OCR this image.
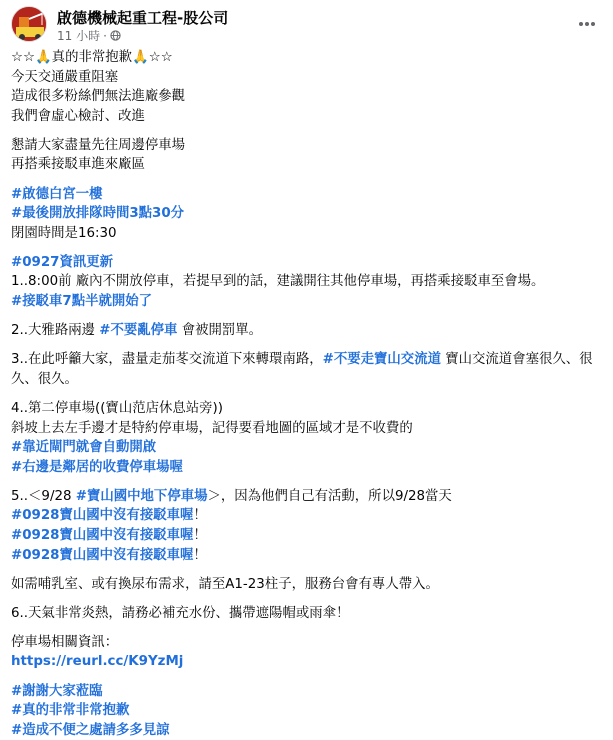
啟德機械起重工程-股公司
11 小時 ·
☆☆🙏真的非常抱歉🙏☆☆
今天交通嚴重阻塞
造成很多粉絲們無法進廠參觀
我們會虛心檢討、改進
懇請大家盡量先往周邊停車場
再搭乘接駁車進來廠區
#啟德白宮一樓
#最後開放排隊時間3點30分
閉園時間是16:30
#0927資訊更新
1..8:00前 廠內不開放停車，若提早到的話，建議開往其他停車場，再搭乘接駁車至會場。
#接駁車7點半就開始了
2..大雅路兩邊 #不要亂停車 會被開罰單。
3..在此呼籲大家，盡量走茄苳交流道下來轉環南路，#不要走寶山交流道 寶山交流道會塞很久、很久、很久。
4..第二停車場((寶山范店休息站旁))
斜坡上去左手邊才是特約停車場，記得要看地圖的區域才是不收費的
#靠近閘門就會自動開啟
#右邊是鄰居的收費停車場喔
5..＜9/28 #寶山國中地下停車場＞，因為他們自己有活動，所以9/28當天
#0928寶山國中沒有接駁車喔！
#0928寶山國中沒有接駁車喔！
#0928寶山國中沒有接駁車喔！
如需哺乳室、或有換尿布需求，請至A1-23柱子，服務台會有專人帶入。
6..天氣非常炎熱，請務必補充水份、攜帶遮陽帽或雨傘！
停車場相關資訊：
https://reurl.cc/K9YzMj
#謝謝大家蒞臨
#真的非常非常抱歉
#造成不便之處請多多見諒
